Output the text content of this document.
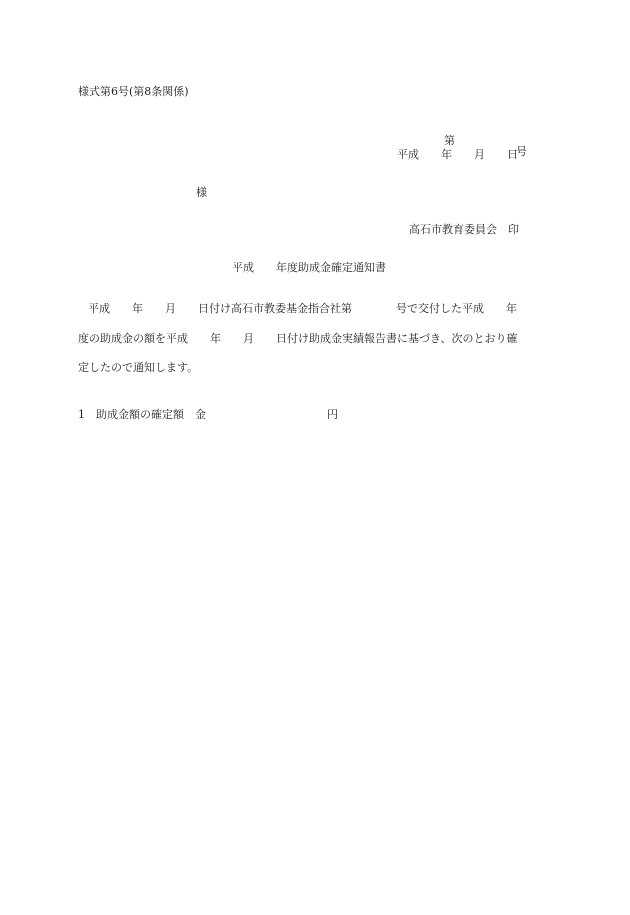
様式第6号(第8条関係)

第

号

平成　　年　　月　　日
様
高石市教育委員会　印
平成　　年度助成金確定通知書
平成　　年　　月　　日付け高石市教委基金指合社第　　　　号で交付した平成　　年
度の助成金の額を平成　　年　　月　　日付け助成金実績報告書に基づき、次のとおり確
定したので通知します。
1　助成金額の確定額　金　　　　　　　　　　　円
